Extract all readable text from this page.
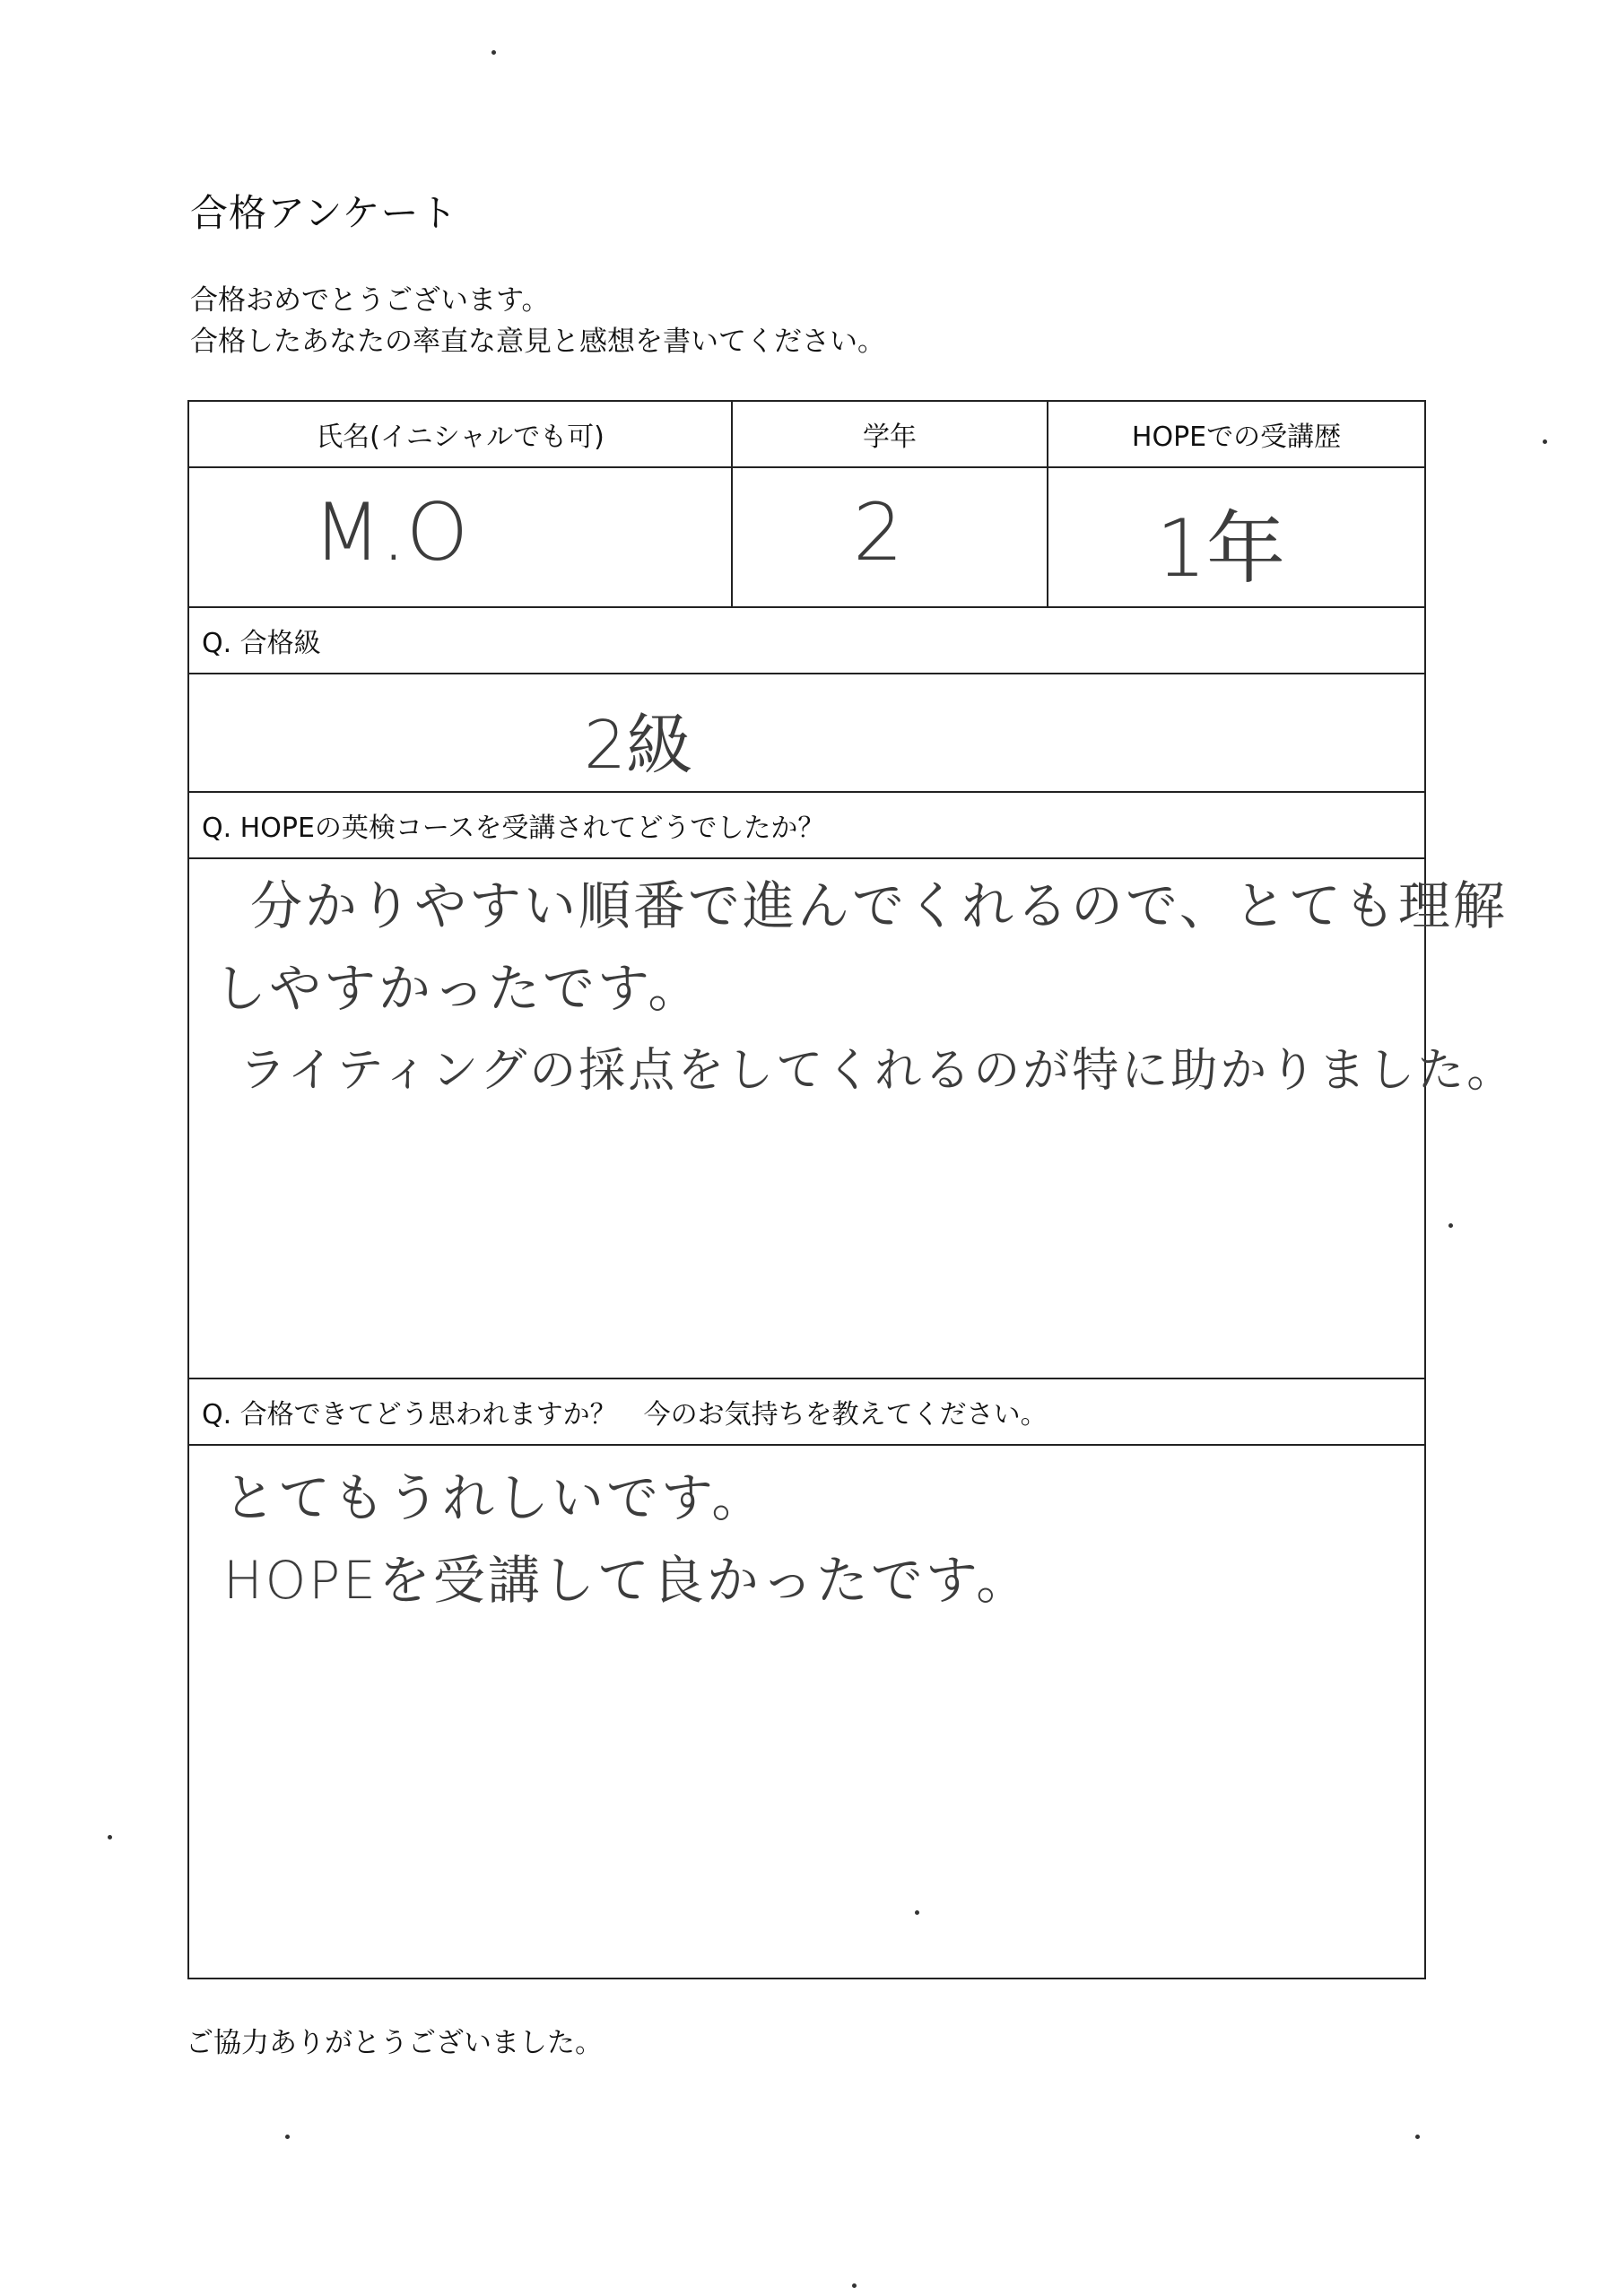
合格アンケート
合格おめでとうございます。
合格したあなたの率直な意見と感想を書いてください。
氏名(イニシャルでも可)	学年	HOPEでの受講歴
M.O	2	1年
Q. 合格級
2級
Q. HOPEの英検コースを受講されてどうでしたか？
分かりやすい順番で進んでくれるので、とても理解
しやすかったです。
ライティングの採点をしてくれるのが特に助かりました。
Q. 合格できてどう思われますか？　今のお気持ちを教えてください。
とてもうれしいです。
HOPEを受講して良かったです。
ご協力ありがとうございました。
